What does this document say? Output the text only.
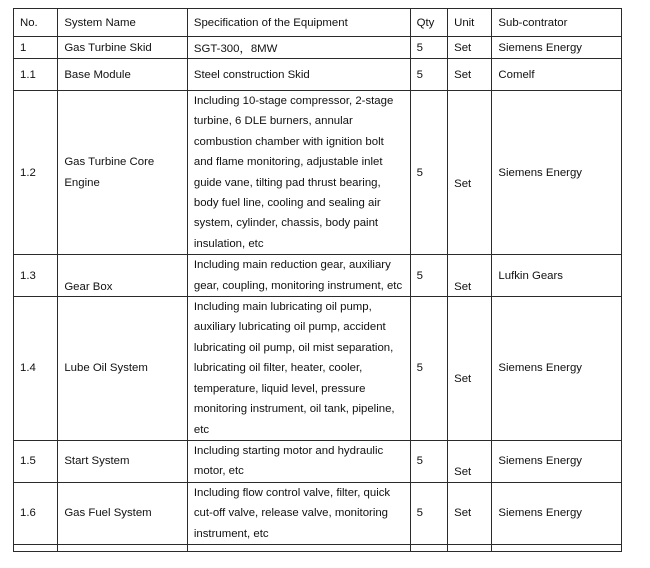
No.	System Name	Specification of the Equipment	Qty	Unit	Sub-contrator
1	Gas Turbine Skid	SGT-300，8MW	5	Set	Siemens Energy
1.1	Base Module	Steel construction Skid	5	Set	Comelf
1.2	Gas Turbine Core Engine	Including 10-stage compressor, 2-stage turbine, 6 DLE burners, annular combustion chamber with ignition bolt and flame monitoring, adjustable inlet guide vane, tilting pad thrust bearing, body fuel line, cooling and sealing air system, cylinder, chassis, body paint insulation, etc	5	Set	Siemens Energy
1.3	Gear Box	Including main reduction gear, auxiliary gear, coupling, monitoring instrument, etc	5	Set	Lufkin Gears
1.4	Lube Oil System	Including main lubricating oil pump, auxiliary lubricating oil pump, accident lubricating oil pump, oil mist separation, lubricating oil filter, heater, cooler, temperature, liquid level, pressure monitoring instrument, oil tank, pipeline, etc	5	Set	Siemens Energy
1.5	Start System	Including starting motor and hydraulic motor, etc	5	Set	Siemens Energy
1.6	Gas Fuel System	Including flow control valve, filter, quick cut-off valve, release valve, monitoring instrument, etc	5	Set	Siemens Energy
